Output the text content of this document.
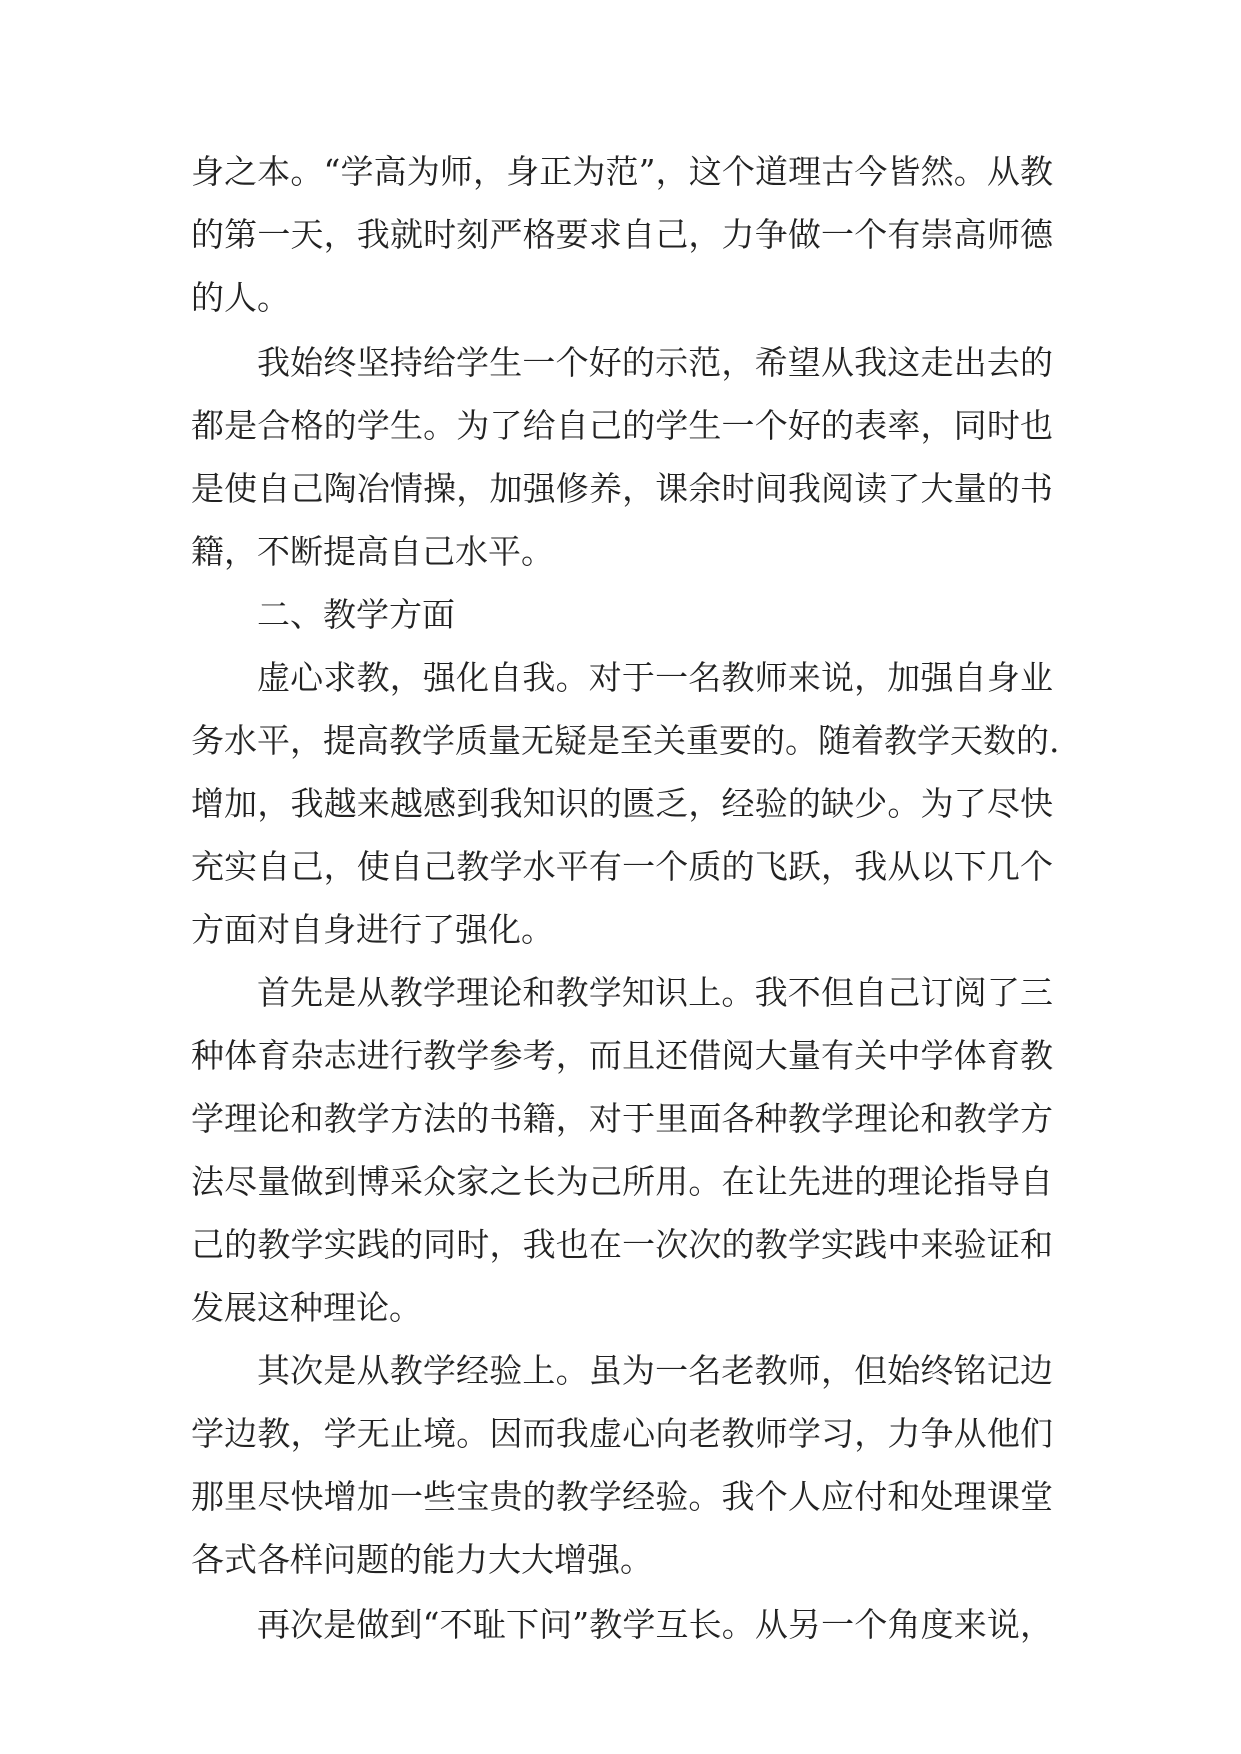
身之本。“学高为师，身正为范”，这个道理古今皆然。从教
的第一天，我就时刻严格要求自己，力争做一个有崇高师德
的人。
我始终坚持给学生一个好的示范，希望从我这走出去的
都是合格的学生。为了给自己的学生一个好的表率，同时也
是使自己陶冶情操，加强修养，课余时间我阅读了大量的书
籍，不断提高自己水平。
二、教学方面
虚心求教，强化自我。对于一名教师来说，加强自身业
务水平，提高教学质量无疑是至关重要的。随着教学天数的.
增加，我越来越感到我知识的匮乏，经验的缺少。为了尽快
充实自己，使自己教学水平有一个质的飞跃，我从以下几个
方面对自身进行了强化。
首先是从教学理论和教学知识上。我不但自己订阅了三
种体育杂志进行教学参考，而且还借阅大量有关中学体育教
学理论和教学方法的书籍，对于里面各种教学理论和教学方
法尽量做到博采众家之长为己所用。在让先进的理论指导自
己的教学实践的同时，我也在一次次的教学实践中来验证和
发展这种理论。
其次是从教学经验上。虽为一名老教师，但始终铭记边
学边教，学无止境。因而我虚心向老教师学习，力争从他们
那里尽快增加一些宝贵的教学经验。我个人应付和处理课堂
各式各样问题的能力大大增强。
再次是做到“不耻下问”教学互长。从另一个角度来说，
